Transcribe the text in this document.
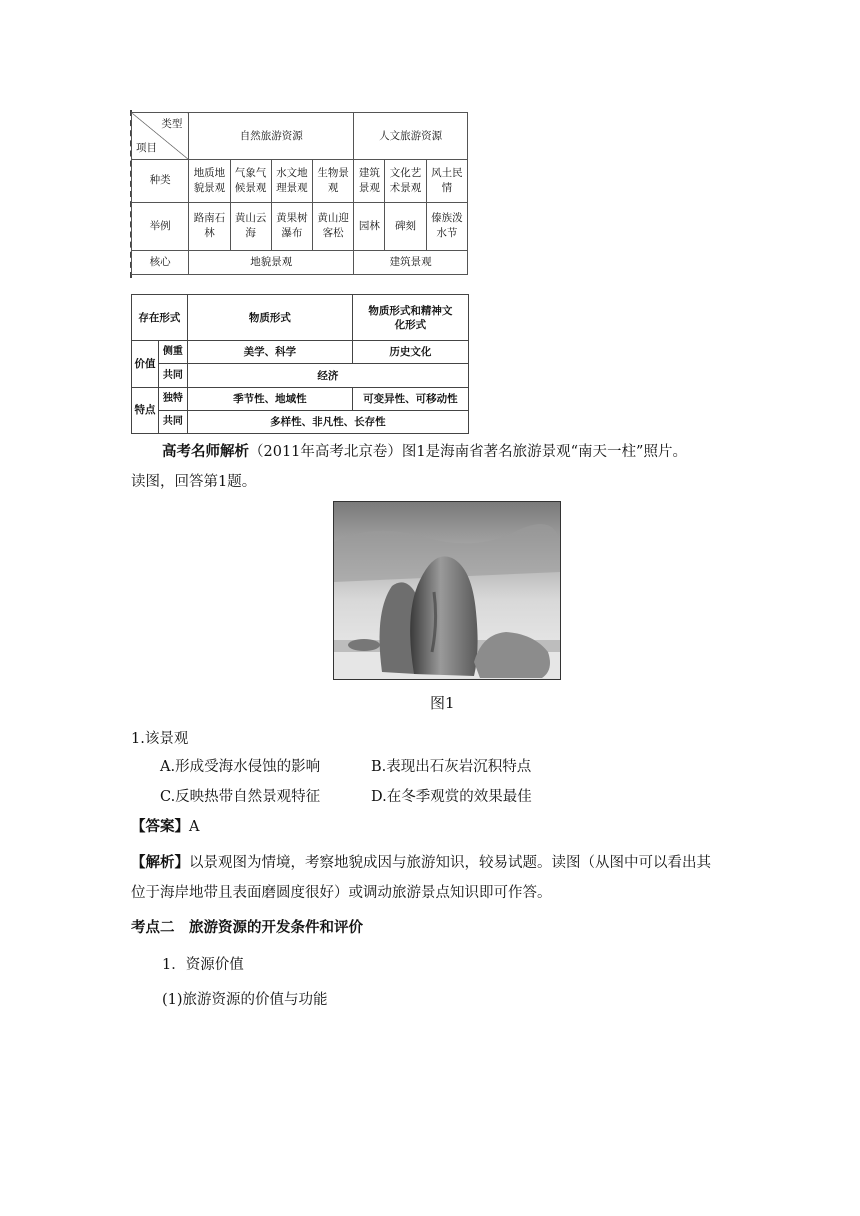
类型
项目	自然旅游资源				人文旅游资源		
种类	地质地貌景观	气象气候景观	水文地理景观	生物景观	建筑景观	文化艺术景观	风土民情
举例	路南石林	黄山云海	黄果树瀑布	黄山迎客松	园林	碑刻	傣族泼水节
核心	地貌景观				建筑景观		
存在形式		物质形式	物质形式和精神文化形式
价值	侧重	美学、科学	历史文化
	共同	经济	
特点	独特	季节性、地域性	可变异性、可移动性
	共同	多样性、非凡性、长存性	
高考名师解析（2011年高考北京卷）图1是海南省著名旅游景观“南天一柱”照片。
读图，回答第1题。
图1
1.该景观
A.形成受海水侵蚀的影响	B.表现出石灰岩沉积特点
C.反映热带自然景观特征	D.在冬季观赏的效果最佳
【答案】A
【解析】以景观图为情境，考察地貌成因与旅游知识，较易试题。读图（从图中可以看出其
位于海岸地带且表面磨圆度很好）或调动旅游景点知识即可作答。
考点二　旅游资源的开发条件和评价
1．资源价值
(1)旅游资源的价值与功能
